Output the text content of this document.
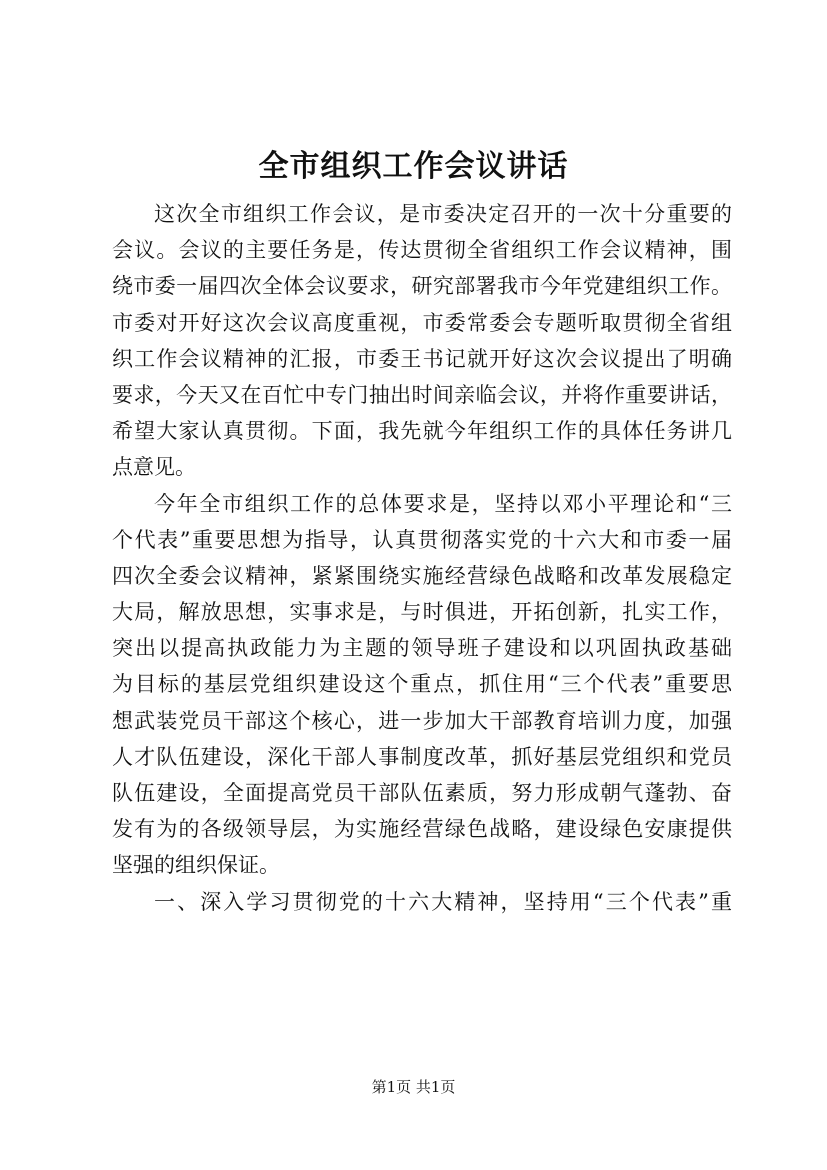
全市组织工作会议讲话
这次全市组织工作会议，是市委决定召开的一次十分重要的
会议。会议的主要任务是，传达贯彻全省组织工作会议精神，围
绕市委一届四次全体会议要求，研究部署我市今年党建组织工作。
市委对开好这次会议高度重视，市委常委会专题听取贯彻全省组
织工作会议精神的汇报，市委王书记就开好这次会议提出了明确
要求，今天又在百忙中专门抽出时间亲临会议，并将作重要讲话，
希望大家认真贯彻。下面，我先就今年组织工作的具体任务讲几
点意见。
今年全市组织工作的总体要求是，坚持以邓小平理论和“三
个代表”重要思想为指导，认真贯彻落实党的十六大和市委一届
四次全委会议精神，紧紧围绕实施经营绿色战略和改革发展稳定
大局，解放思想，实事求是，与时俱进，开拓创新，扎实工作，
突出以提高执政能力为主题的领导班子建设和以巩固执政基础
为目标的基层党组织建设这个重点，抓住用“三个代表”重要思
想武装党员干部这个核心，进一步加大干部教育培训力度，加强
人才队伍建设，深化干部人事制度改革，抓好基层党组织和党员
队伍建设，全面提高党员干部队伍素质，努力形成朝气蓬勃、奋
发有为的各级领导层，为实施经营绿色战略，建设绿色安康提供
坚强的组织保证。
一、深入学习贯彻党的十六大精神，坚持用“三个代表”重
第1页 共1页
